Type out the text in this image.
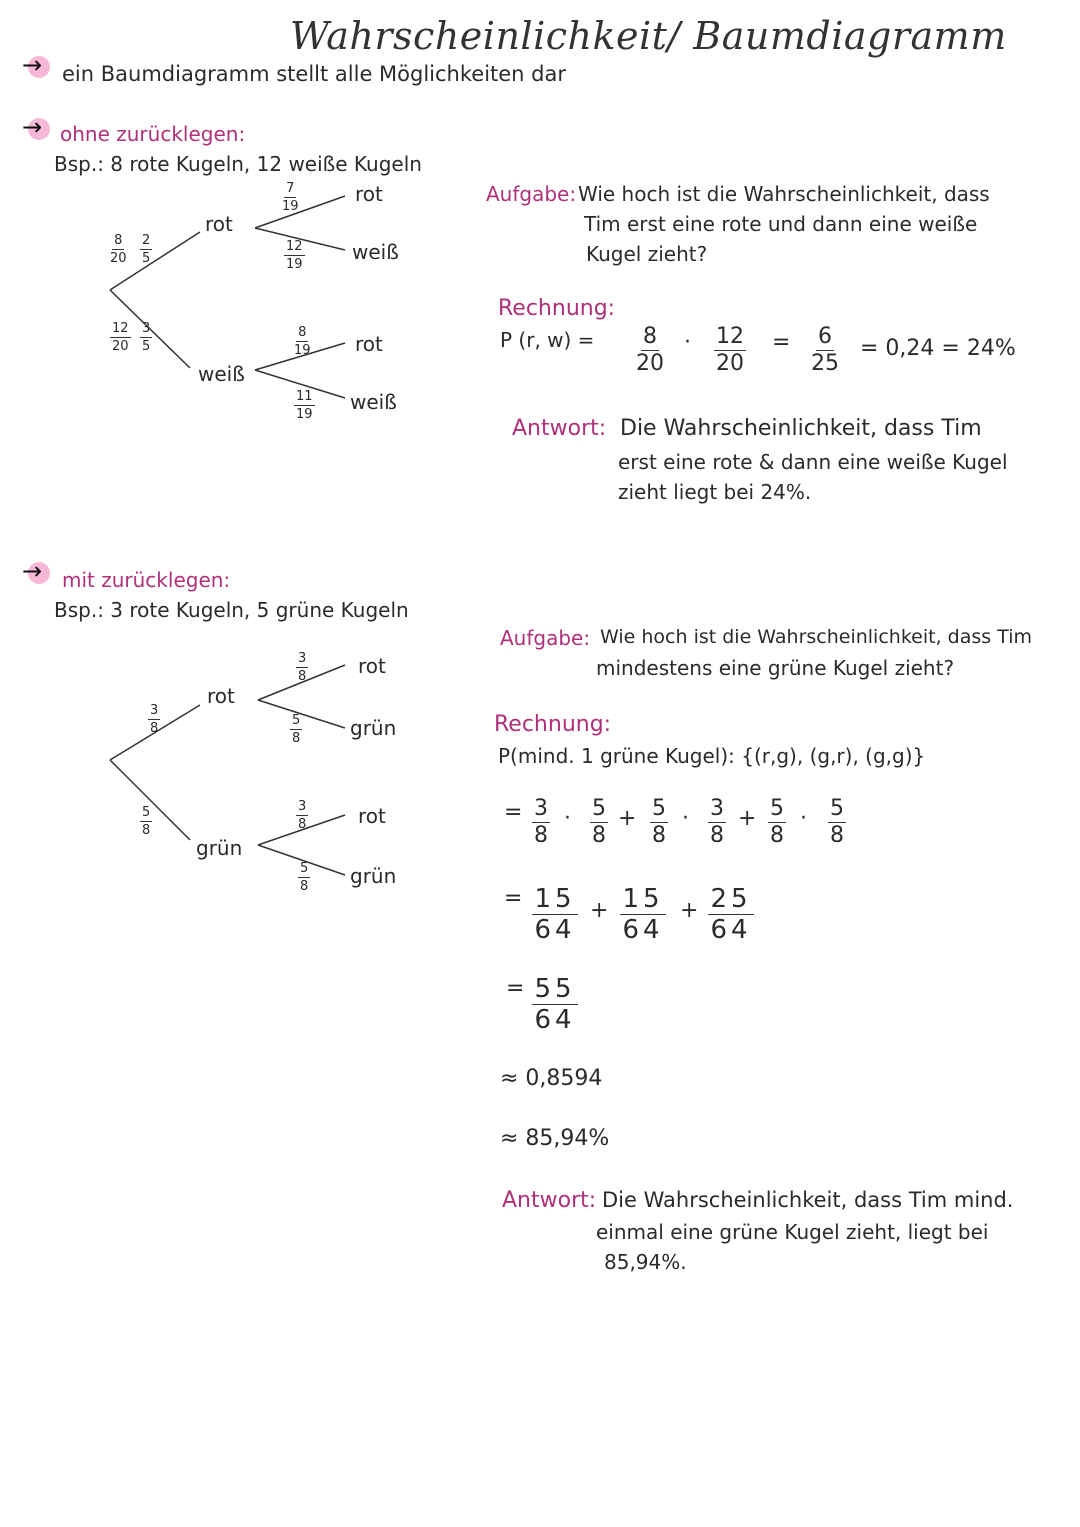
Wahrscheinlichkeit/ Baumdiagramm
→ ein Baumdiagramm stellt alle Möglichkeiten dar
→ ohne zurücklegen:
Bsp.: 8 rote Kugeln, 12 weiße Kugeln
rot
weiß
$\frac{8}{20} \frac{2}{5}$
$\frac{12}{20} \frac{3}{5}$
$\frac{7}{19}$
$\frac{12}{19}$
$\frac{8}{19}$
$\frac{11}{19}$
rot
weiß
rot
weiß
Aufgabe: Wie hoch ist die Wahrscheinlichkeit, dass
Tim erst eine rote und dann eine weiße
Kugel zieht?
Rechnung:
P (r, $w) = \frac{8}{20} \cdot \frac{12}{20} = \frac{6}{25} = 0,24 = 24\%$
Antwort: Die Wahrscheinlichkeit, dass Tim
erst eine rote & dann eine weiße Kugel
zieht liegt bei 24%.
→ mit zurücklegen:
Bsp.: 3 rote Kugeln, 5 grüne Kugeln
rot
grün
$\frac{3}{8}$
$\frac{5}{8}$
$\frac{3}{8}$
$\frac{5}{8}$
$\frac{3}{8}$
$\frac{5}{8}$
rot
grün
rot
grün
Aufgabe: Wie hoch ist die Wahrscheinlichkeit, dass Tim
mindestens eine grüne Kugel zieht?
Rechnung:
P(mind. 1 grüne Kugel): {(r,g), (g,r), (g,g)}
= $\frac{3}{8} \cdot \frac{5}{8} + \frac{5}{8} \cdot \frac{3}{8} + \frac{5}{8} \cdot \frac{5}{8}$
= $\frac{15}{64} + \frac{15}{64} + \frac{25}{64}$
= $\frac{55}{64}$
≈ 0,8594
≈ 85,94%
Antwort: Die Wahrscheinlichkeit, dass Tim mind.
einmal eine grüne Kugel zieht, liegt bei
85,94%.
